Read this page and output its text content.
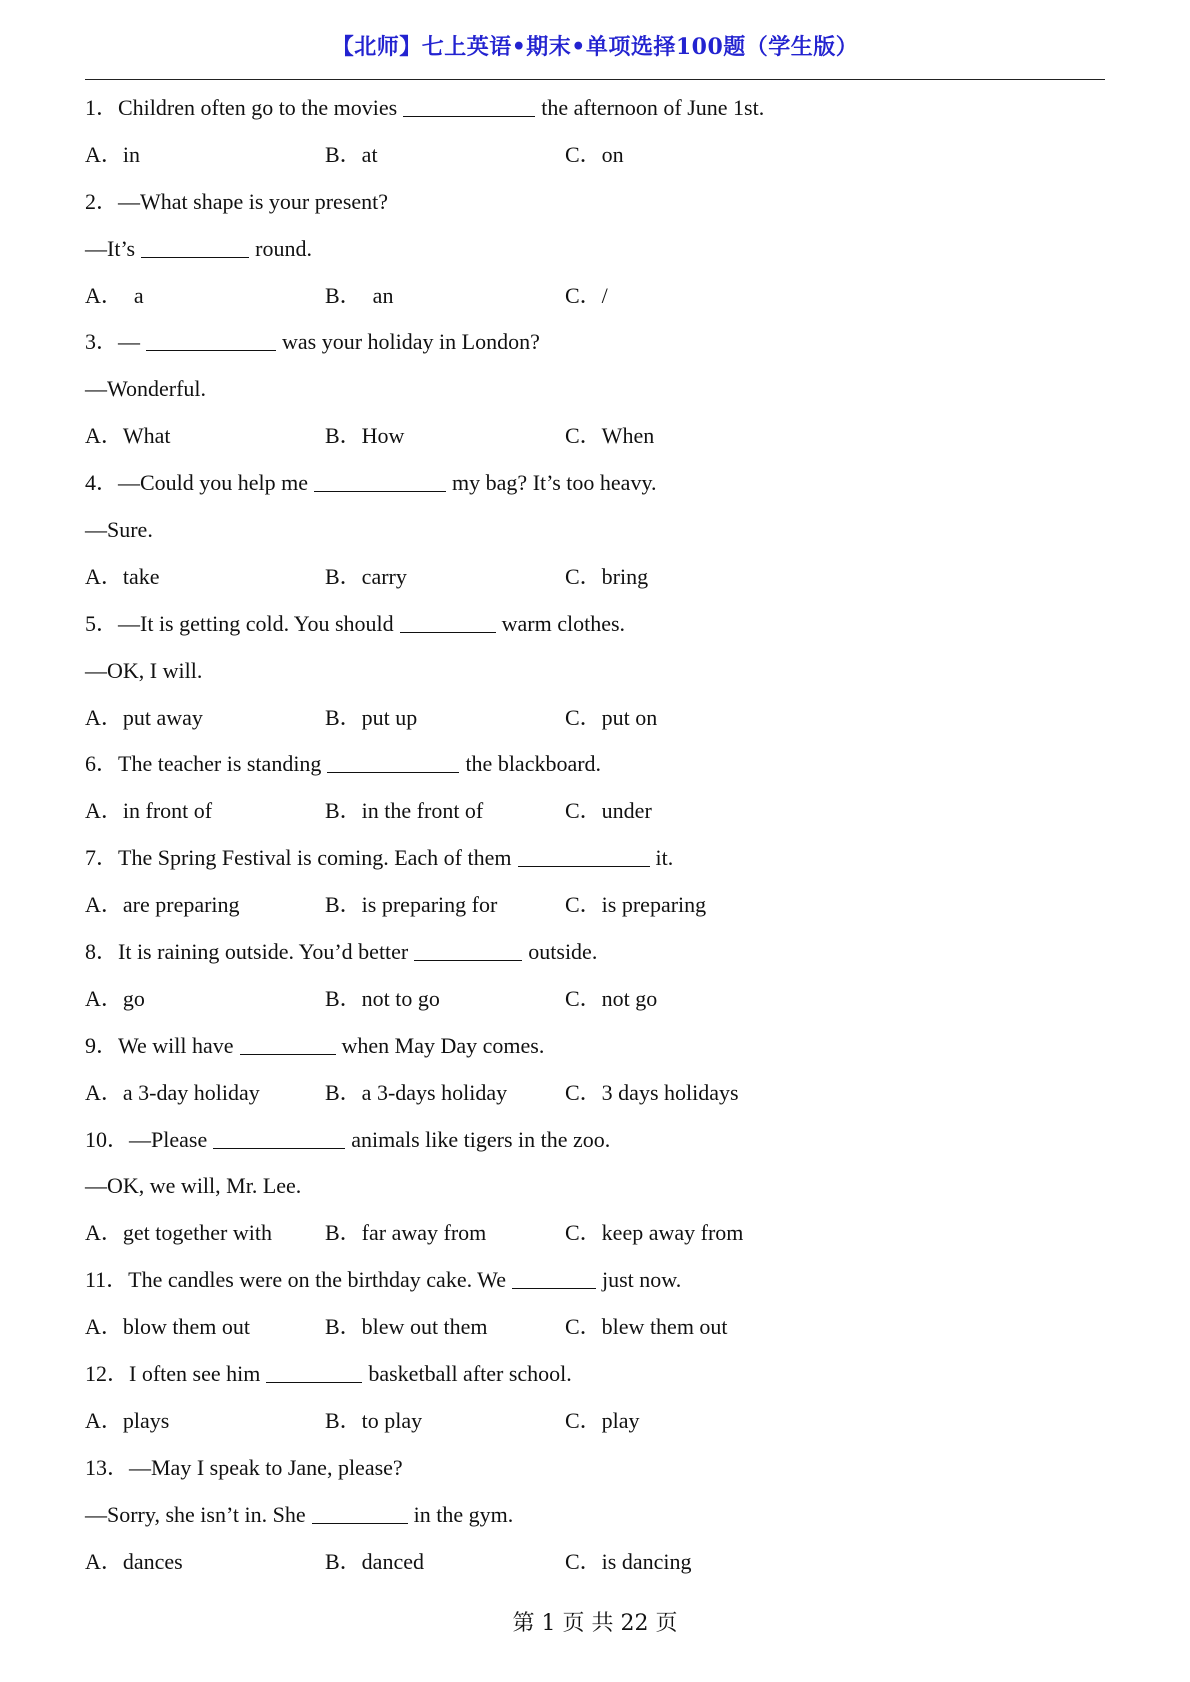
【北师】七上英语•期末•单项选择100题（学生版）
1．Children often go to the movies	the afternoon of June 1st.
A．in	B．at	C．on
2．—What shape is your present?
—It’s	round.
A．  a	B．  an	C．/
3．—	was your holiday in London?
—Wonderful.
A．What	B．How	C．When
4．—Could you help me	my bag? It’s too heavy.
—Sure.
A．take	B．carry	C．bring
5．—It is getting cold. You should	warm clothes.
—OK, I will.
A．put away	B．put up	C．put on
6．The teacher is standing	the blackboard.
A．in front of	B．in the front of	C．under
7．The Spring Festival is coming. Each of them	it.
A．are preparing	B．is preparing for	C．is preparing
8．It is raining outside. You’d better	outside.
A．go	B．not to go	C．not go
9．We will have	when May Day comes.
A．a 3-day holiday	B．a 3-days holiday	C．3 days holidays
10．—Please	animals like tigers in the zoo.
—OK, we will, Mr. Lee.
A．get together with	B．far away from	C．keep away from
11．The candles were on the birthday cake. We	just now.
A．blow them out	B．blew out them	C．blew them out
12．I often see him	basketball after school.
A．plays	B．to play	C．play
13．—May I speak to Jane, please?
—Sorry, she isn’t in. She	in the gym.
A．dances	B．danced	C．is dancing
第 1 页 共 22 页
